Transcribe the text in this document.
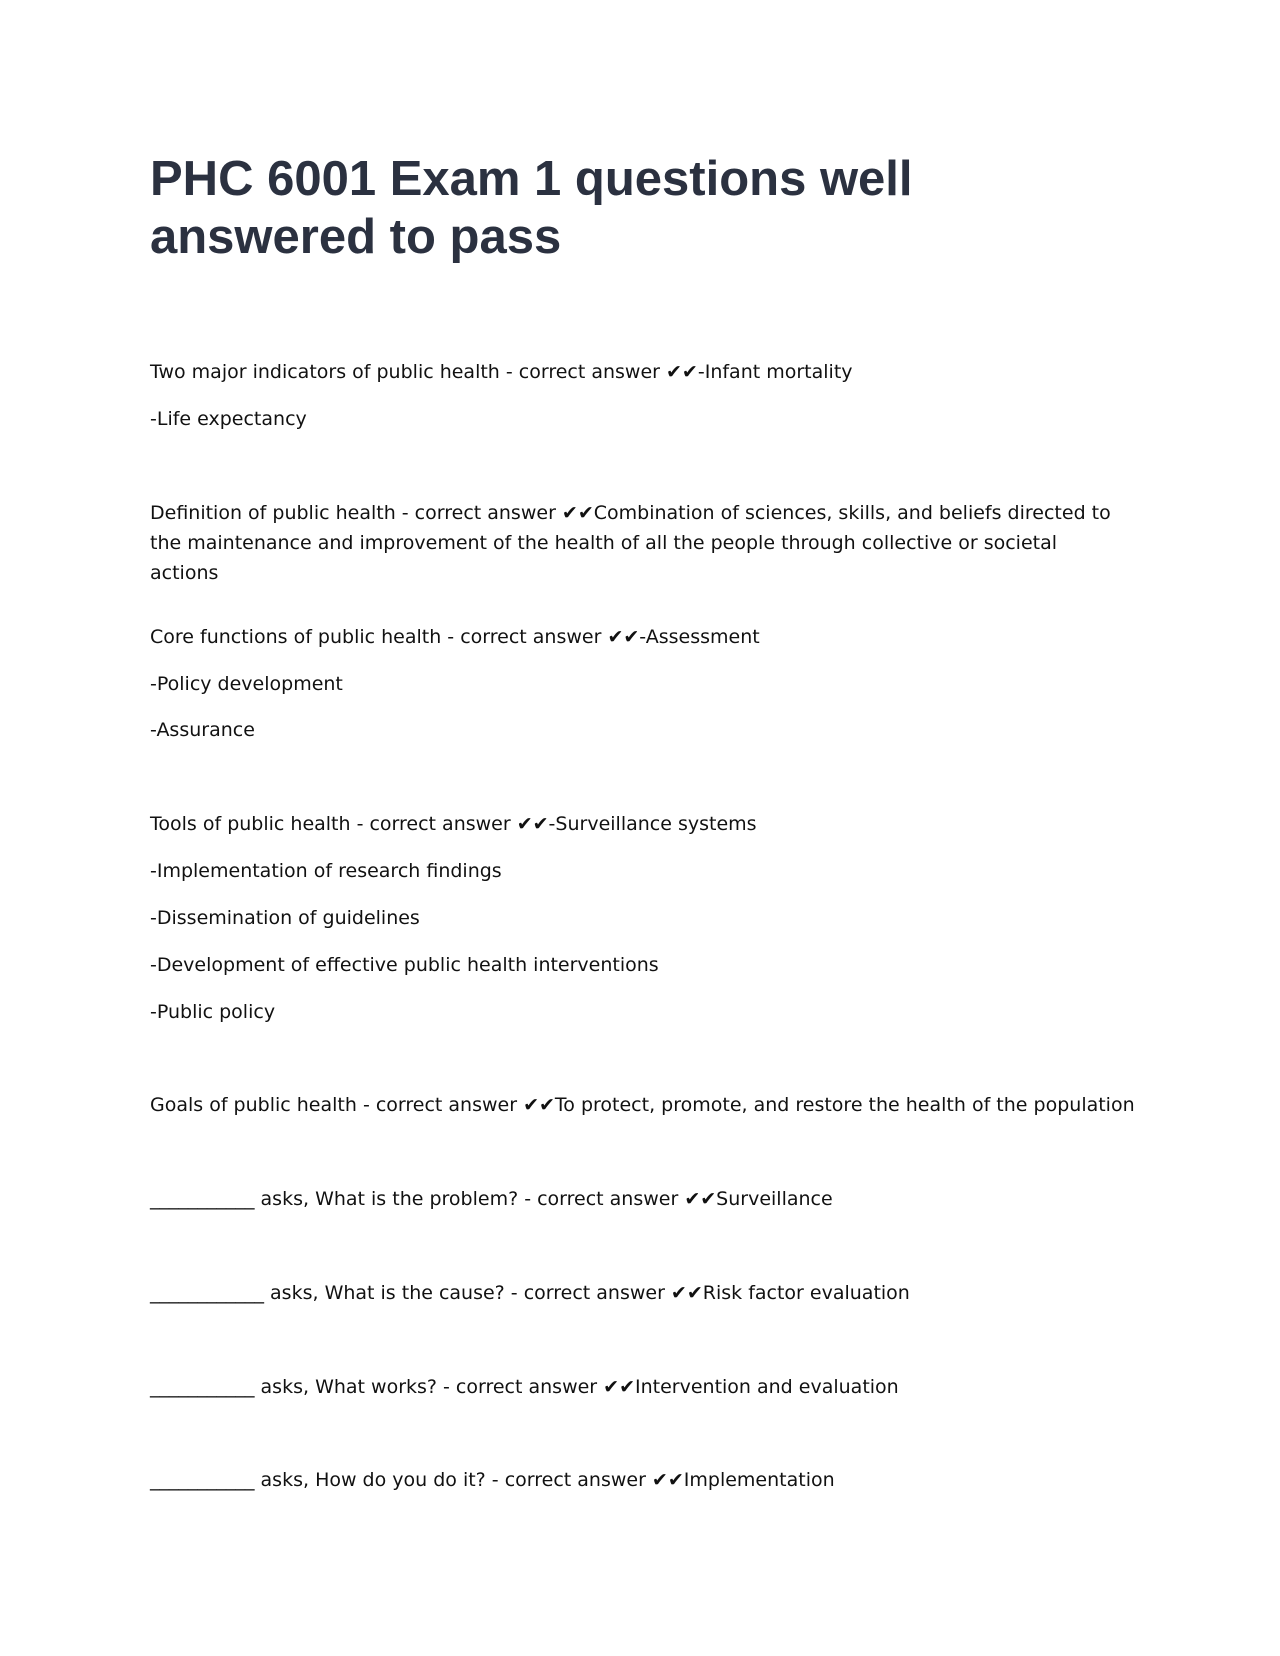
PHC 6001 Exam 1 questions well answered to pass

Two major indicators of public health - correct answer ✔✔-Infant mortality

-Life expectancy

Definition of public health - correct answer ✔✔Combination of sciences, skills, and beliefs directed to the maintenance and improvement of the health of all the people through collective or societal actions

Core functions of public health - correct answer ✔✔-Assessment

-Policy development

-Assurance

Tools of public health - correct answer ✔✔-Surveillance systems

-Implementation of research findings

-Dissemination of guidelines

-Development of effective public health interventions

-Public policy

Goals of public health - correct answer ✔✔To protect, promote, and restore the health of the population

___________ asks, What is the problem? - correct answer ✔✔Surveillance

____________ asks, What is the cause? - correct answer ✔✔Risk factor evaluation

___________ asks, What works? - correct answer ✔✔Intervention and evaluation

___________ asks, How do you do it? - correct answer ✔✔Implementation
